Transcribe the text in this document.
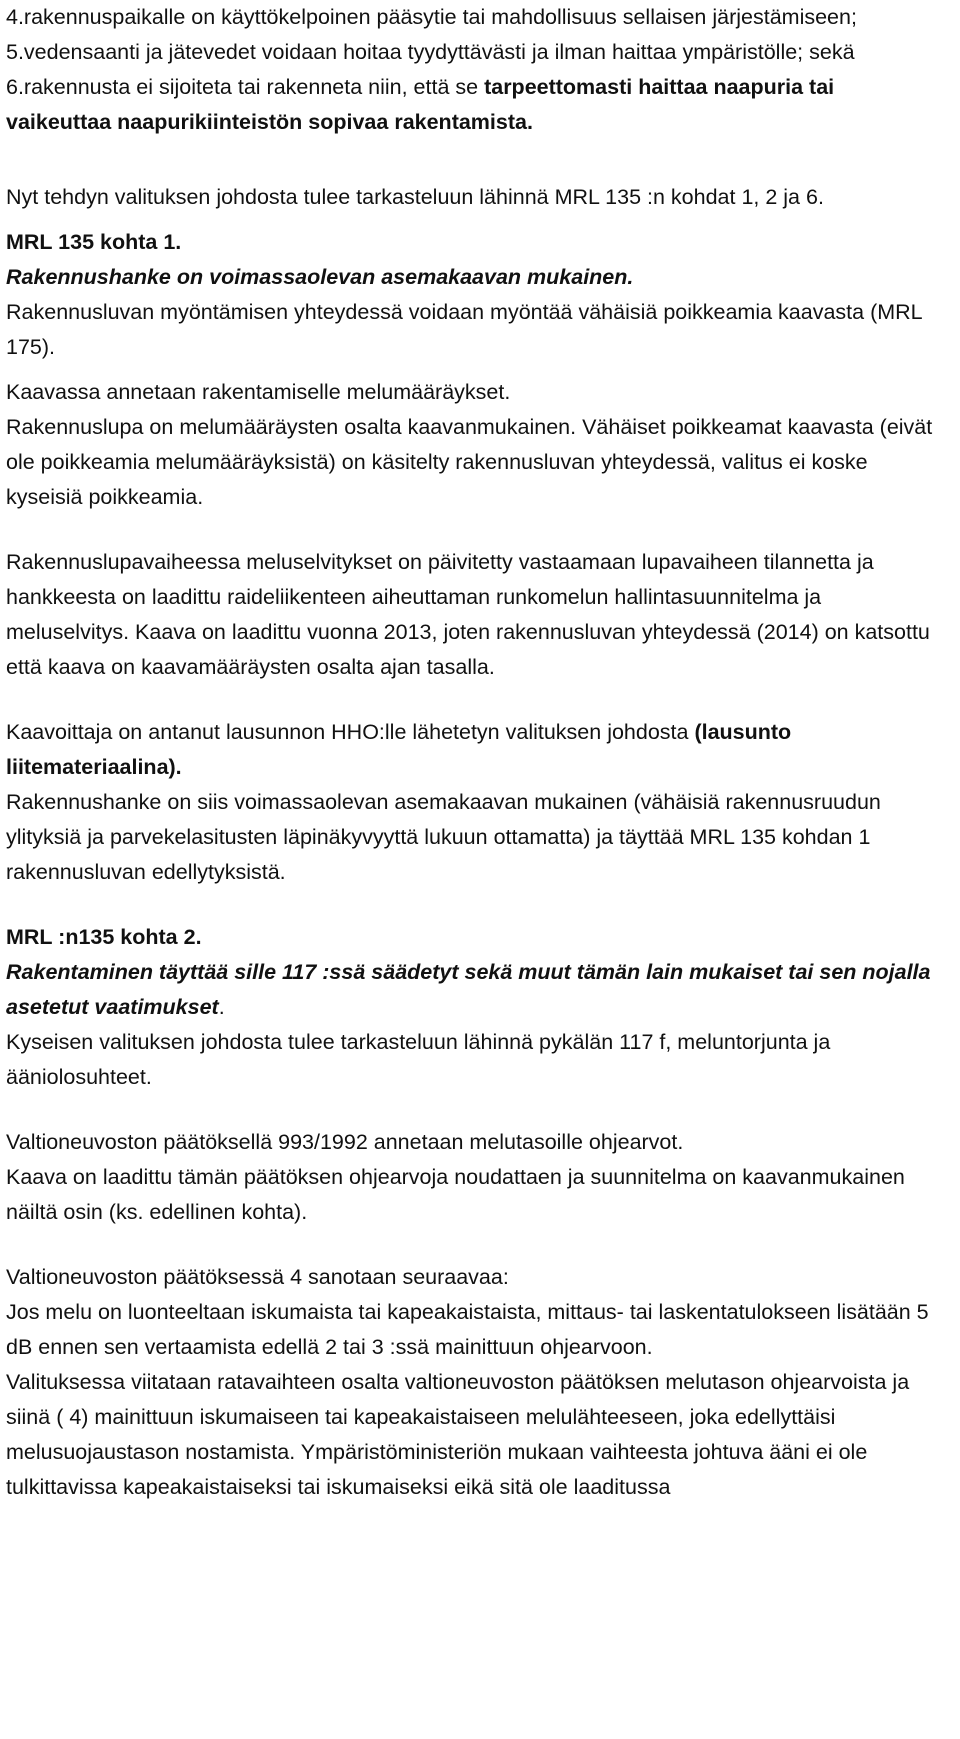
4.rakennuspaikalle on käyttökelpoinen pääsytie tai mahdollisuus sellaisen järjestämiseen;

5.vedensaanti ja jätevedet voidaan hoitaa tyydyttävästi ja ilman haittaa ympäristölle; sekä

6.rakennusta ei sijoiteta tai rakenneta niin, että se tarpeettomasti haittaa naapuria tai vaikeuttaa naapurikiinteistön sopivaa rakentamista.

Nyt tehdyn valituksen johdosta tulee tarkasteluun lähinnä MRL 135 :n kohdat 1, 2 ja 6.

MRL 135 kohta 1.

Rakennushanke on voimassaolevan asemakaavan mukainen.

Rakennusluvan myöntämisen yhteydessä voidaan myöntää vähäisiä poikkeamia kaavasta (MRL 175).

Kaavassa annetaan rakentamiselle melumääräykset.

Rakennuslupa on melumääräysten osalta kaavanmukainen. Vähäiset poikkeamat kaavasta (eivät ole poikkeamia melumääräyksistä) on käsitelty rakennusluvan yhteydessä, valitus ei koske kyseisiä poikkeamia.

Rakennuslupavaiheessa meluselvitykset on päivitetty vastaamaan lupavaiheen tilannetta ja hankkeesta on laadittu raideliikenteen aiheuttaman runkomelun hallintasuunnitelma ja meluselvitys. Kaava on laadittu vuonna 2013, joten rakennusluvan yhteydessä (2014) on katsottu että kaava on kaavamääräysten osalta ajan tasalla.

Kaavoittaja on antanut lausunnon HHO:lle lähetetyn valituksen johdosta (lausunto liitemateriaalina).

Rakennushanke on siis voimassaolevan asemakaavan mukainen (vähäisiä rakennusruudun ylityksiä ja parvekelasitusten läpinäkyvyyttä lukuun ottamatta) ja täyttää MRL 135 kohdan 1 rakennusluvan edellytyksistä.

MRL :n135 kohta 2.

Rakentaminen täyttää sille 117 :ssä säädetyt sekä muut tämän lain mukaiset tai sen nojalla asetetut vaatimukset.

Kyseisen valituksen johdosta tulee tarkasteluun lähinnä pykälän 117 f, meluntorjunta ja ääniolosuhteet.

Valtioneuvoston päätöksellä 993/1992 annetaan melutasoille ohjearvot.

Kaava on laadittu tämän päätöksen ohjearvoja noudattaen ja suunnitelma on kaavanmukainen näiltä osin (ks. edellinen kohta).

Valtioneuvoston päätöksessä 4 sanotaan seuraavaa:

Jos melu on luonteeltaan iskumaista tai kapeakaistaista, mittaus- tai laskentatulokseen lisätään 5 dB ennen sen vertaamista edellä 2 tai 3 :ssä mainittuun ohjearvoon.

Valituksessa viitataan ratavaihteen osalta valtioneuvoston päätöksen melutason ohjearvoista ja siinä ( 4) mainittuun iskumaiseen tai kapeakaistaiseen melulähteeseen, joka edellyttäisi melusuojaustason nostamista. Ympäristöministeriön mukaan vaihteesta johtuva ääni ei ole tulkittavissa kapeakaistaiseksi tai iskumaiseksi eikä sitä ole laaditussa
